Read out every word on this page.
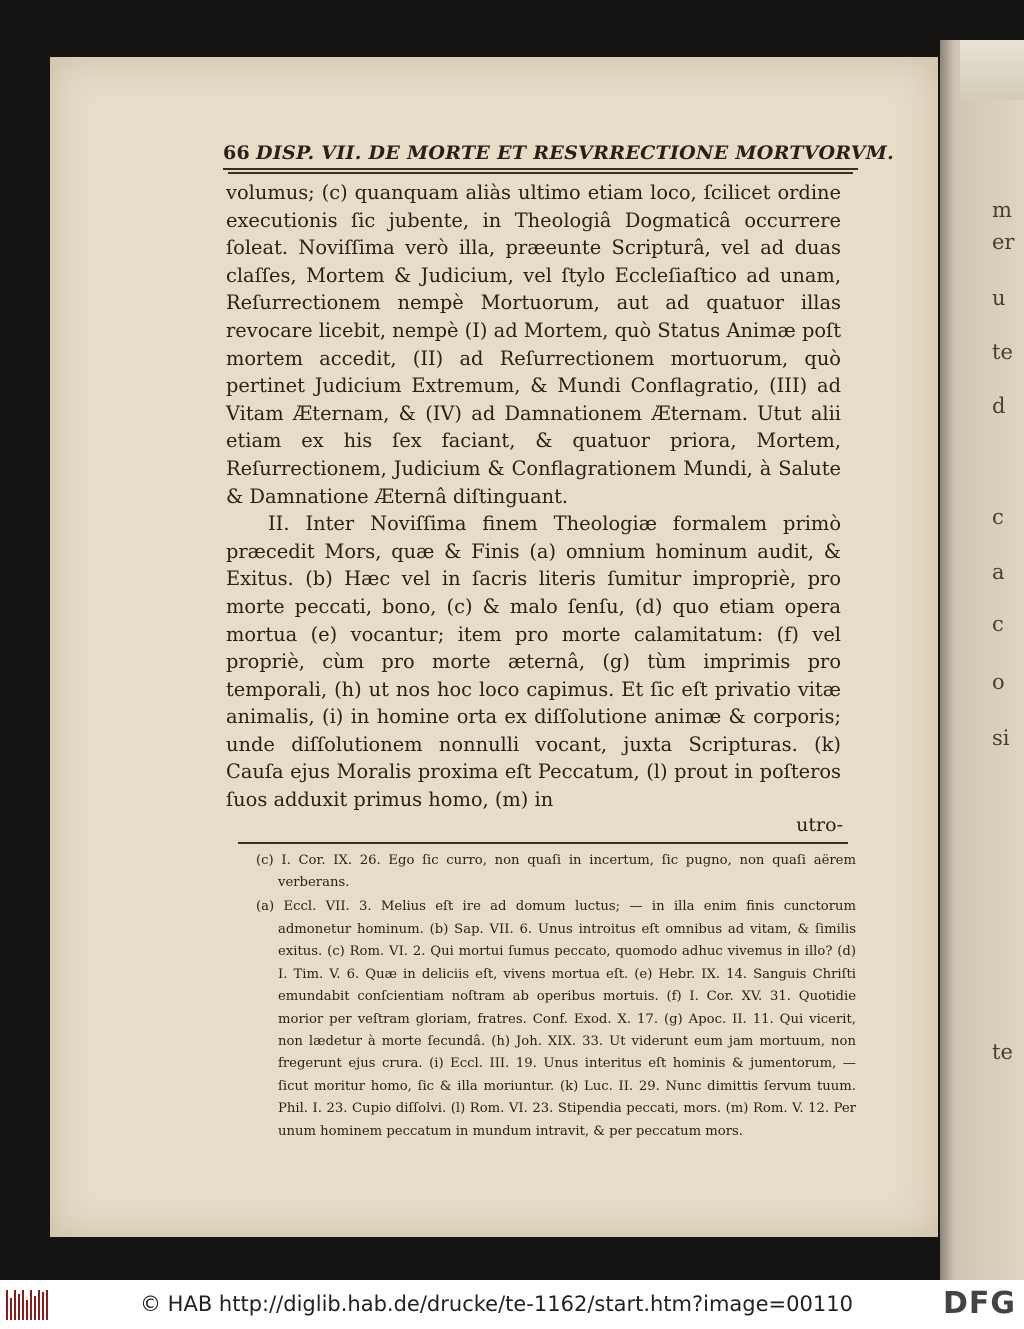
m
er
u
te
d
c
a
c
o
si
te
66 DISP. VII. DE MORTE ET RESVRRECTIONE MORTVORVM.

volumus; (c) quanquam aliàs ultimo etiam loco, ſcilicet ordine executionis ſic jubente, in Theologiâ Dogmaticâ occurrere ſoleat. Noviſſima verò illa, præeunte Scripturâ, vel ad duas claſſes, Mortem & Judicium, vel ſtylo Eccleſiaſtico ad unam, Reſurrectionem nempè Mortuorum, aut ad quatuor illas revocare licebit, nempè (I) ad Mortem, quò Status Animæ poſt mortem accedit, (II) ad Reſurrectionem mortuorum, quò pertinet Judicium Extremum, & Mundi Conflagratio, (III) ad Vitam Æternam, & (IV) ad Damnationem Æternam. Utut alii etiam ex his ſex faciant, & quatuor priora, Mortem, Reſurrectionem, Judicium & Conflagrationem Mundi, à Salute & Damnatione Æternâ diſtinguant.

II. Inter Noviſſima finem Theologiæ formalem primò præcedit Mors, quæ & Finis (a) omnium hominum audit, & Exitus. (b) Hæc vel in ſacris literis ſumitur impropriè, pro morte peccati, bono, (c) & malo ſenſu, (d) quo etiam opera mortua (e) vocantur; item pro morte calamitatum: (f) vel propriè, cùm pro morte æternâ, (g) tùm imprimis pro temporali, (h) ut nos hoc loco capimus. Et ſic eſt privatio vitæ animalis, (i) in homine orta ex diſſolutione animæ & corporis; unde diſſolutionem nonnulli vocant, juxta Scripturas. (k) Cauſa ejus Moralis proxima eſt Peccatum, (l) prout in poſteros ſuos adduxit primus homo, (m) in

utro-

(c) I. Cor. IX. 26. Ego ſic curro, non quaſi in incertum, ſic pugno, non quaſi aërem verberans.

(a) Eccl. VII. 3. Melius eſt ire ad domum luctus; — in illa enim finis cunctorum admonetur hominum. (b) Sap. VII. 6. Unus introitus eſt omnibus ad vitam, & ſimilis exitus. (c) Rom. VI. 2. Qui mortui ſumus peccato, quomodo adhuc vivemus in illo? (d) I. Tim. V. 6. Quæ in deliciis eſt, vivens mortua eſt. (e) Hebr. IX. 14. Sanguis Chriſti emundabit conſcientiam noſtram ab operibus mortuis. (f) I. Cor. XV. 31. Quotidie morior per veſtram gloriam, fratres. Conf. Exod. X. 17. (g) Apoc. II. 11. Qui vicerit, non lædetur à morte ſecundâ. (h) Joh. XIX. 33. Ut viderunt eum jam mortuum, non fregerunt ejus crura. (i) Eccl. III. 19. Unus interitus eſt hominis & jumentorum, — ſicut moritur homo, ſic & illa moriuntur. (k) Luc. II. 29. Nunc dimittis ſervum tuum. Phil. I. 23. Cupio diſſolvi. (l) Rom. VI. 23. Stipendia peccati, mors. (m) Rom. V. 12. Per unum hominem peccatum in mundum intravit, & per peccatum mors.

© HAB http://diglib.hab.de/drucke/te-1162/start.htm?image=00110	DFG
